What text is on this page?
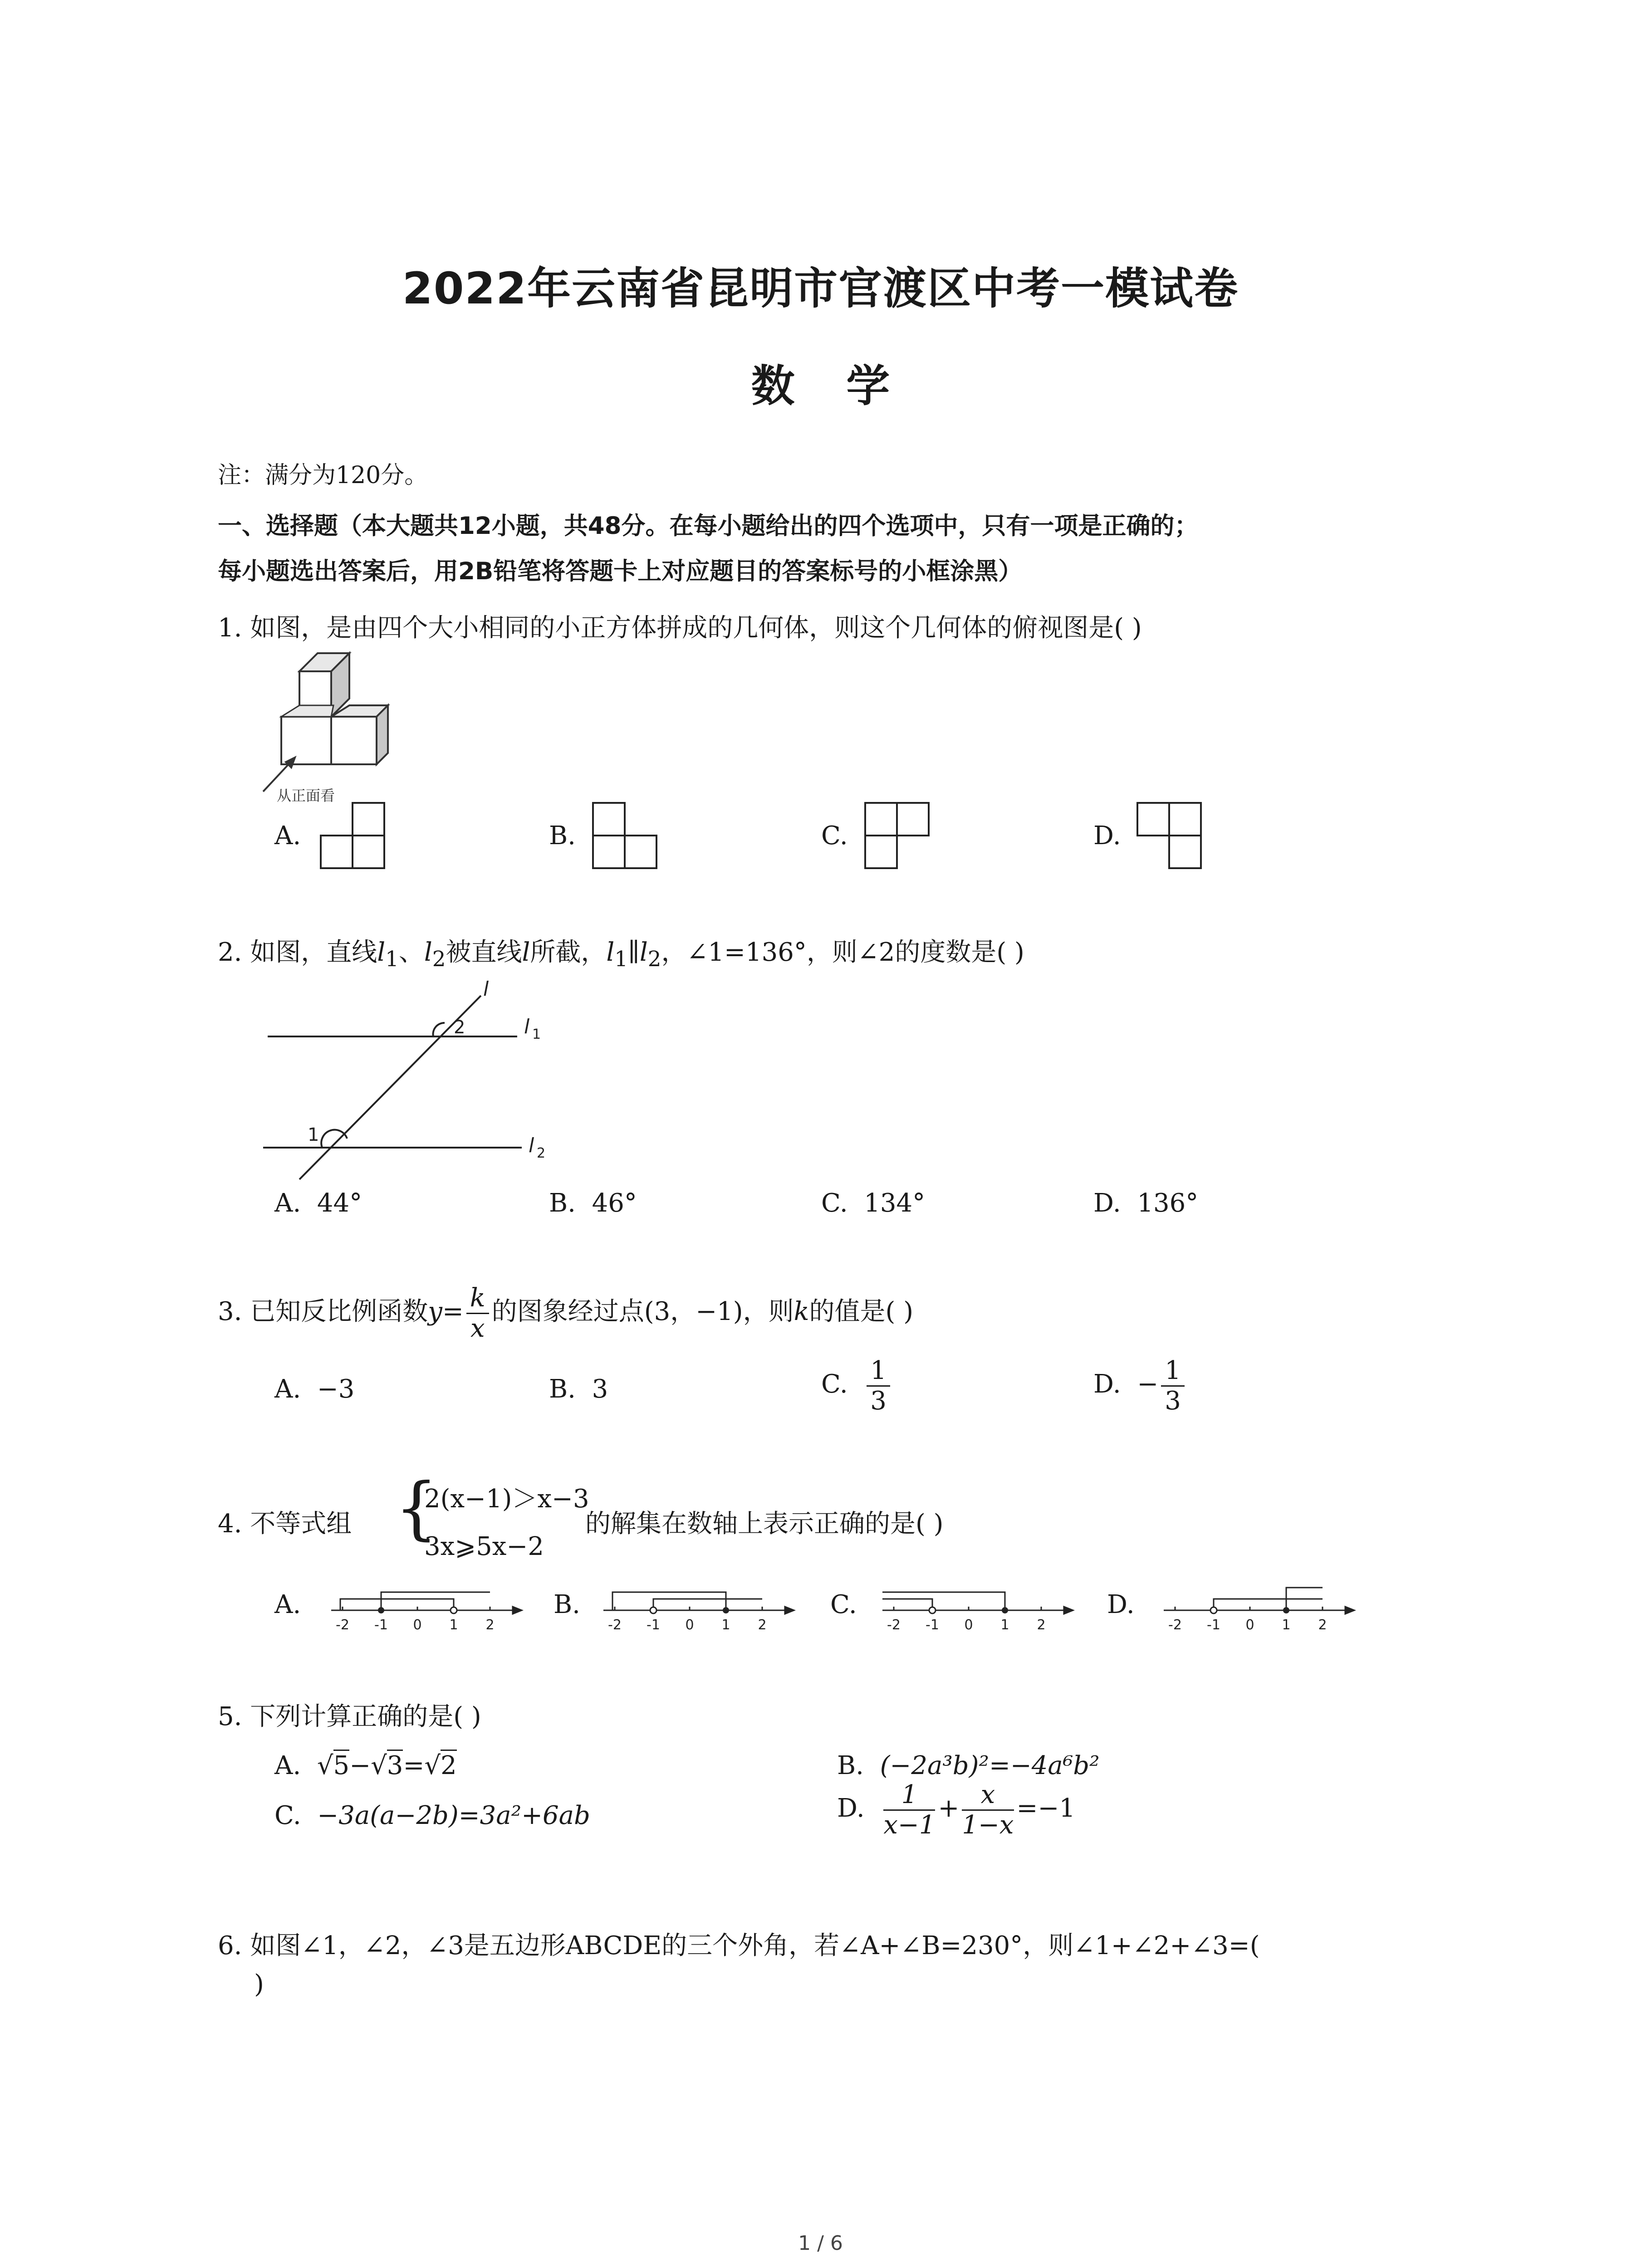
2022年云南省昆明市官渡区中考一模试卷
数 学
注：满分为120分。
一、选择题（本大题共12小题，共48分。在每小题给出的四个选项中，只有一项是正确的；
每小题选出答案后，用2B铅笔将答题卡上对应题目的答案标号的小框涂黑）
1. 如图，是由四个大小相同的小正方体拼成的几何体，则这个几何体的俯视图是( )
从正面看
A.	B.	C.	D.
2. 如图，直线$l_1$、$l_2$被直线l所截，$l_1\parallel l_2$，∠1=136°，则∠2的度数是( )
l
2	l 1
1	l 2
A. 44°	B. 46°	C. 134°	D. 136°
3. 已知反比例函数$y= \frac{k}{x}$ 的图象经过点(3，−1)，则k的值是( )
A. −3	B. 3	C. $\frac{1}{3}$	D. − $\frac{1}{3}$
4. 不等式组 {
2(x−1)＞x−3
3x⩾5x−2
的解集在数轴上表示正确的是( )
A.
-2 -1 0 1 2
B.
-2 -1 0 1 2
C.
-2 -1 0 1 2
D.
-2 -1 0 1 2
5. 下列计算正确的是( )
A.  √5−√3=√2	B. (−2a³b)²=−4a⁶b²
C. −3a(a−2b)=3a²+6ab	D. $\frac{1}{x-1} + \frac{x}{1-x} =-1$
6. 如图∠1，∠2，∠3是五边形ABCDE的三个外角，若∠A+∠B=230°，则∠1+∠2+∠3=(
)
1 / 6
